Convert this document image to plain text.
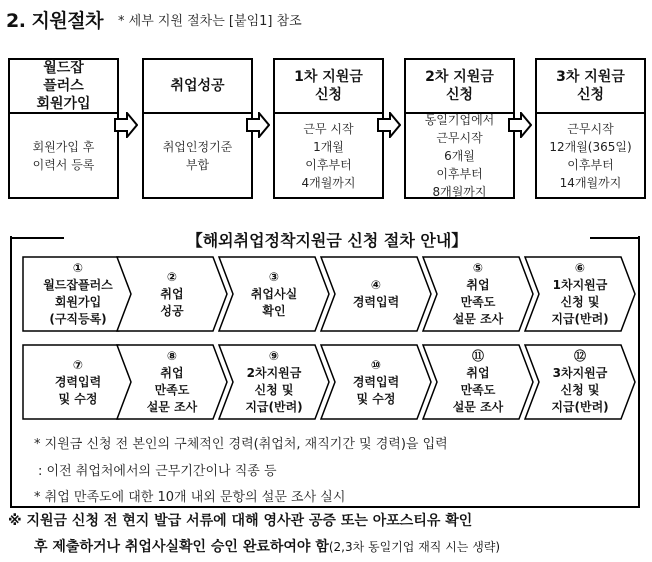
2. 지원절차 * 세부 지원 절차는 [붙임1] 참조
월드잡
플러스
회원가입
회원가입 후
이력서 등록
취업성공
취업인정기준
부합
1차 지원금
신청
근무 시작
1개월
이후부터
4개월까지
2차 지원금
신청
동일기업에서
근무시작
6개월
이후부터
8개월까지
3차 지원금
신청
근무시작
12개월(365일)
이후부터
14개월까지
【해외취업정착지원금 신청 절차 안내】
①
월드잡플러스
회원가입
(구직등록)
②
취업
성공
③
취업사실
확인
④
경력입력
⑤
취업
만족도
설문 조사
⑥
1차지원금
신청 및
지급(반려)
⑦
경력입력
및 수정
⑧
취업
만족도
설문 조사
⑨
2차지원금
신청 및
지급(반려)
⑩
경력입력
및 수정
⑪
취업
만족도
설문 조사
⑫
3차지원금
신청 및
지급(반려)
* 지원금 신청 전 본인의 구체적인 경력(취업처, 재직기간 및 경력)을 입력
: 이전 취업처에서의 근무기간이나 직종 등
* 취업 만족도에 대한 10개 내외 문항의 설문 조사 실시
※ 지원금 신청 전 현지 발급 서류에 대해 영사관 공증 또는 아포스티유 확인
후 제출하거나 취업사실확인 승인 완료하여야 함(2,3차 동일기업 재직 시는 생략)
